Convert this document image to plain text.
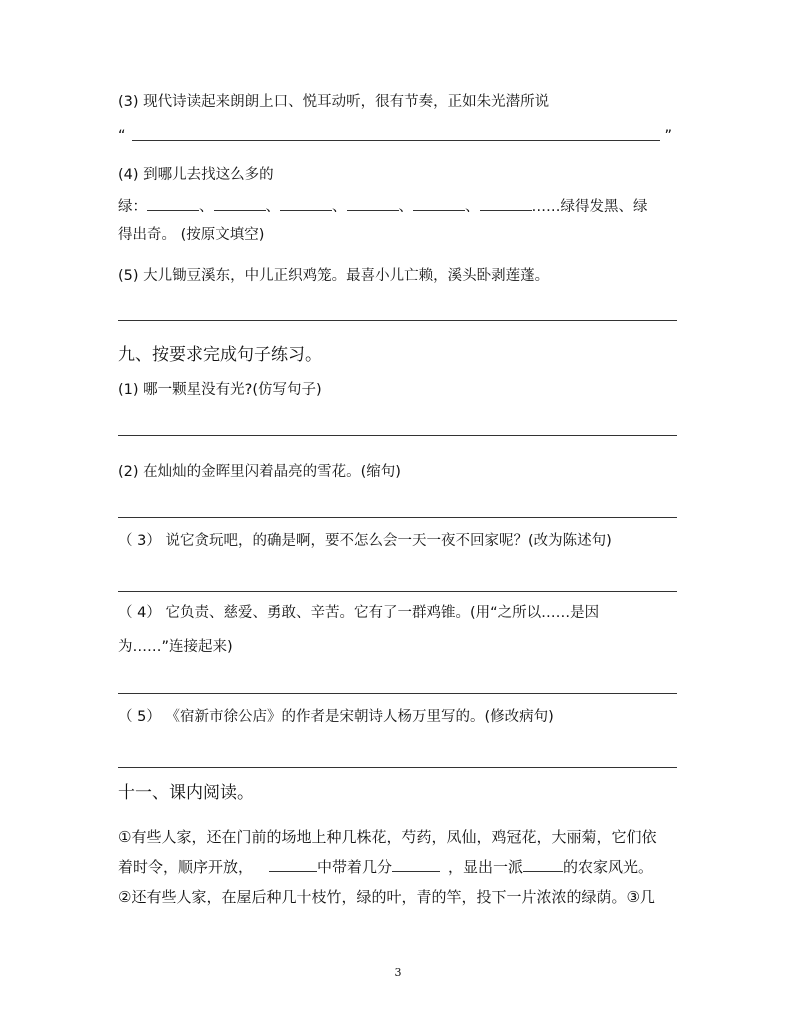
(3) 现代诗读起来朗朗上口、悦耳动听，很有节奏，正如朱光潜所说
“	”
(4) 到哪儿去找这么多的
绿：	、	、	、	、	、	……绿得发黑、绿
得出奇。 (按原文填空)
(5) 大儿锄豆溪东，中儿正织鸡笼。最喜小儿亡赖，溪头卧剥莲蓬。
九、按要求完成句子练习。
(1) 哪一颗星没有光?(仿写句子)
(2) 在灿灿的金晖里闪着晶亮的雪花。(缩句)
（ 3） 说它贪玩吧，的确是啊，要不怎么会一天一夜不回家呢？(改为陈述句)
（ 4） 它负责、慈爱、勇敢、辛苦。它有了一群鸡锥。(用“之所以……是因
为……”连接起来)
（ 5） 《宿新市徐公店》的作者是宋朝诗人杨万里写的。(修改病句)
十一、课内阅读。
①有些人家，还在门前的场地上种几株花，芍药，凤仙，鸡冠花，大丽菊，它们依
着时令，顺序开放，	中带着几分	，显出一派	的农家风光。
②还有些人家，在屋后种几十枝竹，绿的叶，青的竿，投下一片浓浓的绿荫。③几
3
